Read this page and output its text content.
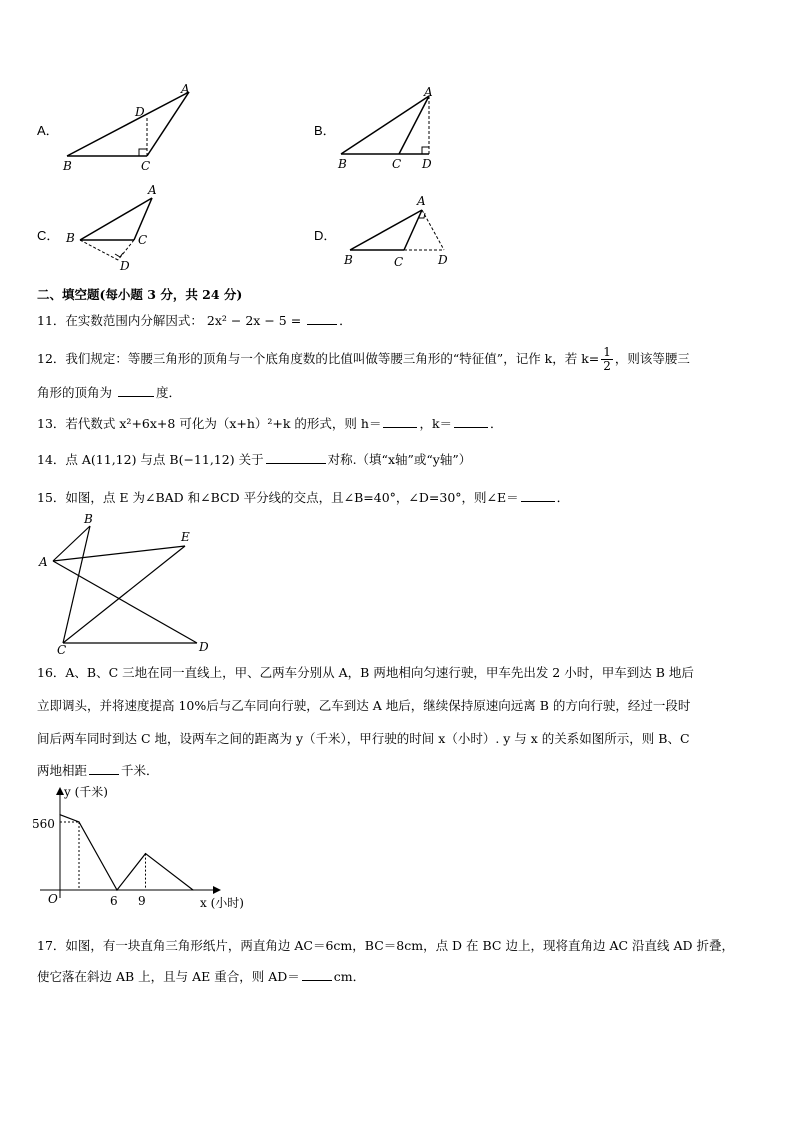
A．
B	C
D
A
B．
B	C D
A
C． B	C
D
A
D．
B	C	D
A
二、填空题(每小题 3 分，共 24 分)
11．在实数范围内分解因式： 2x² − 2x − 5 =	．
12．我们规定：等腰三角形的顶角与一个底角度数的比值叫做等腰三角形的“特征值”，记作 k，若 $k= \frac{1}{2}$ ，则该等腰三
角形的顶角为	度．
13．若代数式 x²+6x+8 可化为（x+h）²+k 的形式，则 h＝	，k＝	．
14．点 A(11,12) 与点 B(−11,12) 关于	对称.（填“x轴”或“y轴”）
15．如图，点 E 为∠BAD 和∠BCD 平分线的交点，且∠B=40°，∠D=30°，则∠E＝	．
A
B
C	D
E
16．A、B、C 三地在同一直线上，甲、乙两车分别从 A，B 两地相向匀速行驶，甲车先出发 2 小时，甲车到达 B 地后
立即调头，并将速度提高 10%后与乙车同向行驶，乙车到达 A 地后，继续保持原速向远离 B 的方向行驶，经过一段时
间后两车同时到达 C 地，设两车之间的距离为 y（千米），甲行驶的时间 x（小时）. y 与 x 的关系如图所示，则 B、C
两地相距	千米．
y (千米)
x (小时)
O
560
6 9
17．如图，有一块直角三角形纸片，两直角边 AC＝6cm，BC＝8cm，点 D 在 BC 边上，现将直角边 AC 沿直线 AD 折叠，
使它落在斜边 AB 上，且与 AE 重合，则 AD＝	cm．
